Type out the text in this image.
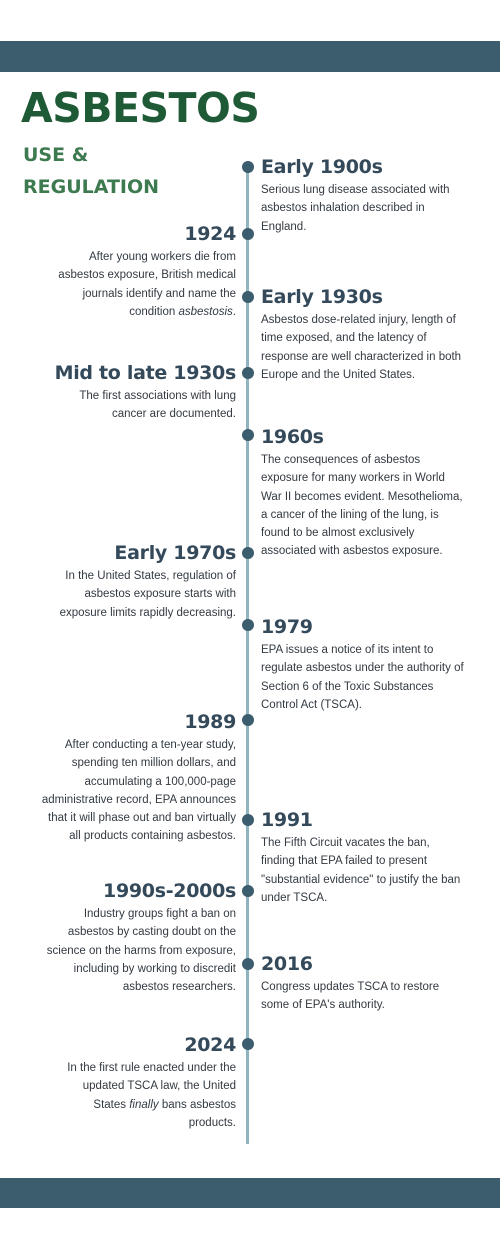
ASBESTOS

USE &

REGULATION

Early 1900s

Serious lung disease associated with asbestos inhalation described in England.

1924

After young workers die from asbestos exposure, British medical journals identify and name the condition asbestosis.

Early 1930s

Asbestos dose-related injury, length of time exposed, and the latency of response are well characterized in both Europe and the United States.

Mid to late 1930s

The first associations with lung cancer are documented.

1960s

The consequences of asbestos exposure for many workers in World War II becomes evident. Mesothelioma, a cancer of the lining of the lung, is found to be almost exclusively associated with asbestos exposure.

Early 1970s

In the United States, regulation of asbestos exposure starts with exposure limits rapidly decreasing.

1979

EPA issues a notice of its intent to regulate asbestos under the authority of Section 6 of the Toxic Substances Control Act (TSCA).

1989

After conducting a ten-year study, spending ten million dollars, and accumulating a 100,000-page administrative record, EPA announces that it will phase out and ban virtually all products containing asbestos.

1991

The Fifth Circuit vacates the ban, finding that EPA failed to present "substantial evidence" to justify the ban under TSCA.

1990s-2000s

Industry groups fight a ban on asbestos by casting doubt on the science on the harms from exposure, including by working to discredit asbestos researchers.

2016

Congress updates TSCA to restore some of EPA's authority.

2024

In the first rule enacted under the updated TSCA law, the United States finally bans asbestos products.
